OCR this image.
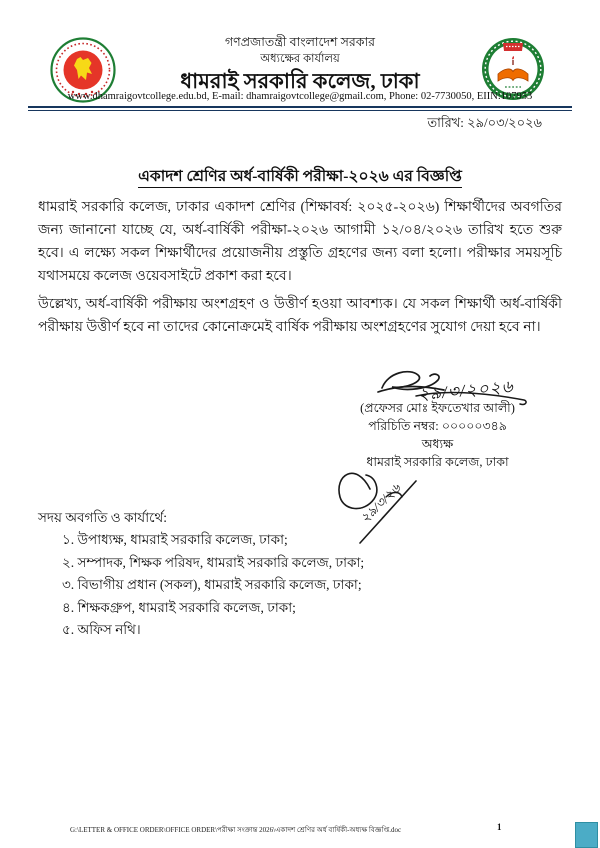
গণপ্রজাতন্ত্রী বাংলাদেশ সরকার
অধ্যক্ষের কার্যালয়
ধামরাই সরকারি কলেজ, ঢাকা
www.dhamraigovtcollege.edu.bd, E-mail: dhamraigovtcollege@gmail.com, Phone: 02-7730050, EIIN:107953
তারিখ: ২৯/০৩/২০২৬
একাদশ শ্রেণির অর্ধ-বার্ষিকী পরীক্ষা-২০২৬ এর বিজ্ঞপ্তি
ধামরাই সরকারি কলেজ, ঢাকার একাদশ শ্রেণির (শিক্ষাবর্ষ: ২০২৫-২০২৬) শিক্ষার্থীদের অবগতির জন্য জানানো যাচ্ছে যে, অর্ধ-বার্ষিকী পরীক্ষা-২০২৬ আগামী ১২/০৪/২০২৬ তারিখ হতে শুরু হবে। এ লক্ষ্যে সকল শিক্ষার্থীদের প্রয়োজনীয় প্রস্তুতি গ্রহণের জন্য বলা হলো। পরীক্ষার সময়সূচি যথাসময়ে কলেজ ওয়েবসাইটে প্রকাশ করা হবে।
উল্লেখ্য, অর্ধ-বার্ষিকী পরীক্ষায় অংশগ্রহণ ও উত্তীর্ণ হওয়া আবশ্যক। যে সকল শিক্ষার্থী অর্ধ-বার্ষিকী পরীক্ষায় উত্তীর্ণ হবে না তাদের কোনোক্রমেই বার্ষিক পরীক্ষায় অংশগ্রহণের সুযোগ দেয়া হবে না।
২৯/৩/২০২৬
(প্রফেসর মোঃ ইফতেখার আলী)
পরিচিতি নম্বর: ০০০০০৩৪৯
অধ্যক্ষ
ধামরাই সরকারি কলেজ, ঢাকা
২৯/৩/২৬
সদয় অবগতি ও কার্যার্থে:
১. উপাধ্যক্ষ, ধামরাই সরকারি কলেজ, ঢাকা;
২. সম্পাদক, শিক্ষক পরিষদ, ধামরাই সরকারি কলেজ, ঢাকা;
৩. বিভাগীয় প্রধান (সকল), ধামরাই সরকারি কলেজ, ঢাকা;
৪. শিক্ষকগ্রুপ, ধামরাই সরকারি কলেজ, ঢাকা;
৫. অফিস নথি।
G:\LETTER & OFFICE ORDER\OFFICE ORDER\পরীক্ষা সংক্রান্ত 2026\একাদশ শ্রেণির অর্ধ বার্ষিকী-অধ্যক্ষ বিজ্ঞপ্তি.doc	1
